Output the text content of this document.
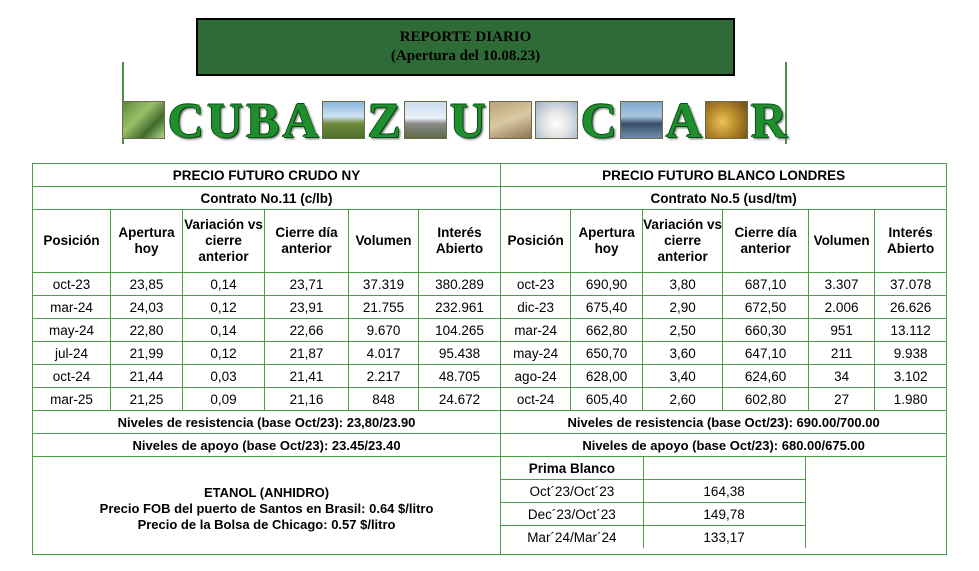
REPORTE DIARIO
(Apertura del 10.08.23)
C U B A Z U C A R
PRECIO FUTURO CRUDO NY	PRECIO FUTURO BLANCO LONDRES
Contrato No.11 (c/lb)	Contrato No.5 (usd/tm)
Posición	Apertura hoy	Variación vs cierre anterior	Cierre día anterior	Volumen	Interés Abierto	Posición	Apertura hoy	Variación vs cierre anterior	Cierre día anterior	Volumen	Interés Abierto
oct-23	23,85	0,14	23,71	37.319	380.289	oct-23	690,90	3,80	687,10	3.307	37.078
mar-24	24,03	0,12	23,91	21.755	232.961	dic-23	675,40	2,90	672,50	2.006	26.626
may-24	22,80	0,14	22,66	9.670	104.265	mar-24	662,80	2,50	660,30	951	13.112
jul-24	21,99	0,12	21,87	4.017	95.438	may-24	650,70	3,60	647,10	211	9.938
oct-24	21,44	0,03	21,41	2.217	48.705	ago-24	628,00	3,40	624,60	34	3.102
mar-25	21,25	0,09	21,16	848	24.672	oct-24	605,40	2,60	602,80	27	1.980
Niveles de resistencia (base Oct/23): 23,80/23.90	Niveles de resistencia (base Oct/23): 690.00/700.00
Niveles de apoyo (base Oct/23): 23.45/23.40	Niveles de apoyo (base Oct/23): 680.00/675.00

ETANOL (ANHIDRO)
Precio FOB del puerto de Santos en Brasil: 0.64 $/litro
Precio de la Bolsa de Chicago: 0.57 $/litro

Prima Blanco		
Oct´23/Oct´23	164,38
Dec´23/Oct´23	149,78
Mar´24/Mar´24	133,17
